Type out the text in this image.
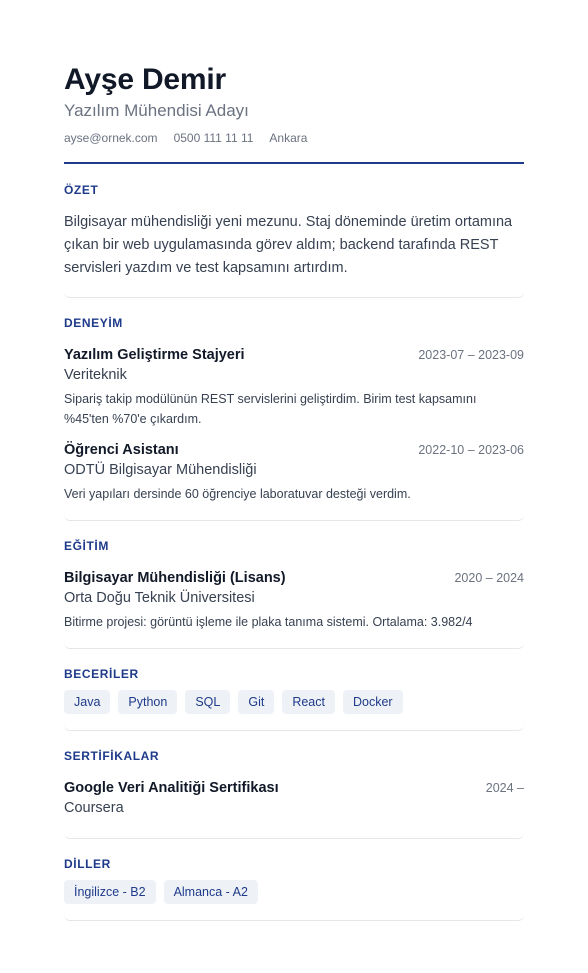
Ayşe Demir
Yazılım Mühendisi Adayı
ayse@ornek.com 0500 111 11 11 Ankara
ÖZET

Bilgisayar mühendisliği yeni mezunu. Staj döneminde üretim ortamına çıkan bir web uygulamasında görev aldım; backend tarafında REST servisleri yazdım ve test kapsamını artırdım.

DENEYİM
Yazılım Geliştirme Stajyeri	2023-07 – 2023-09
Veriteknik
Sipariş takip modülünün REST servislerini geliştirdim. Birim test kapsamını %45'ten %70'e çıkardım.
Öğrenci Asistanı	2022-10 – 2023-06
ODTÜ Bilgisayar Mühendisliği
Veri yapıları dersinde 60 öğrenciye laboratuvar desteği verdim.
EĞİTİM
Bilgisayar Mühendisliği (Lisans)	2020 – 2024
Orta Doğu Teknik Üniversitesi
Bitirme projesi: görüntü işleme ile plaka tanıma sistemi. Ortalama: 3.982/4
BECERİLER
Java	Python	SQL	Git	React	Docker
SERTİFİKALAR
Google Veri Analitiği Sertifikası	2024 –
Coursera
DİLLER
İngilizce - B2	Almanca - A2
